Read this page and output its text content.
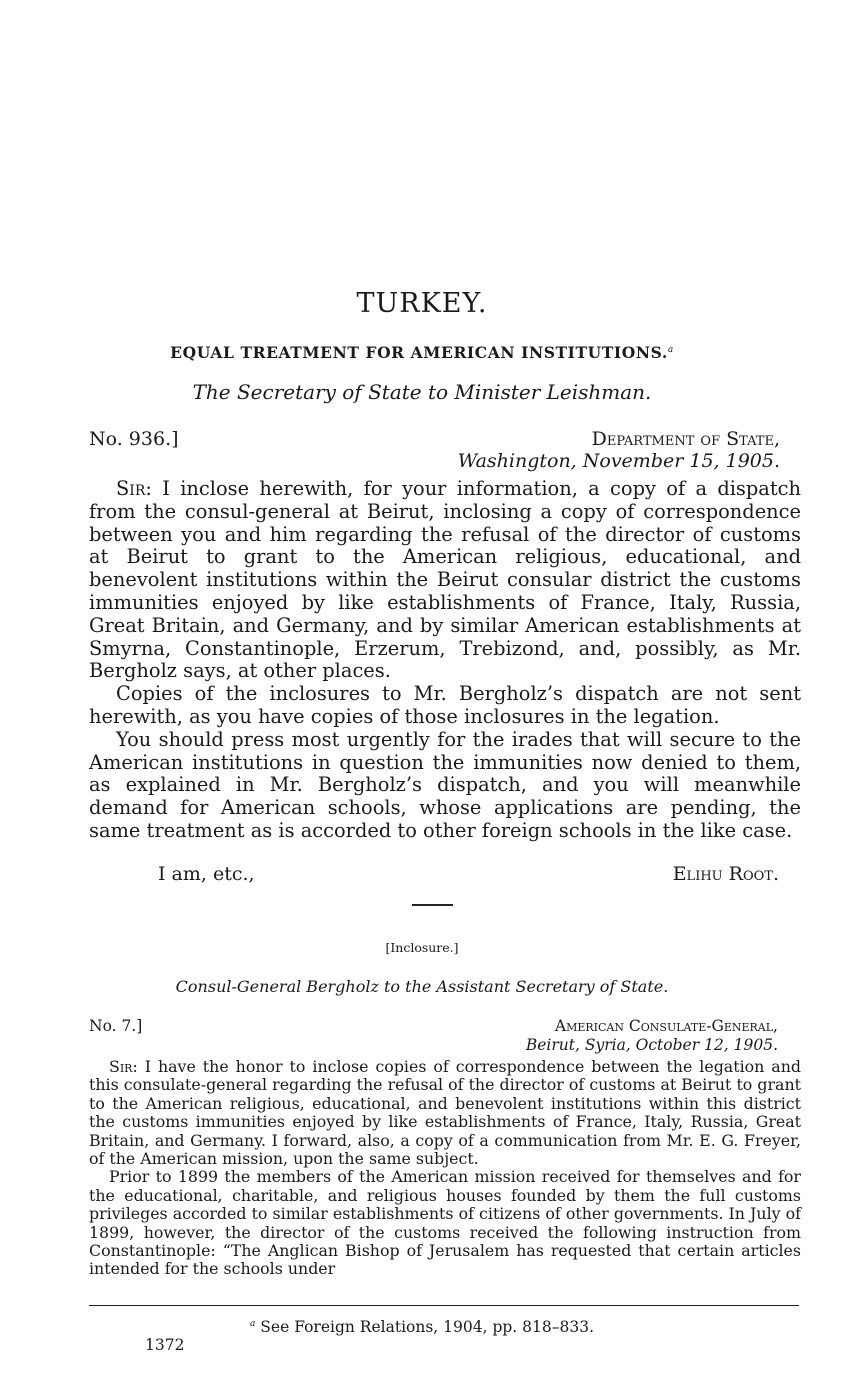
TURKEY.
EQUAL TREATMENT FOR AMERICAN INSTITUTIONS.$^a$
The Secretary of State to Minister Leishman.
No. 936.]	Department of State,
Washington, November 15, 1905.

Sir: I inclose herewith, for your information, a copy of a dispatch from the consul-general at Beirut, inclosing a copy of correspondence between you and him regarding the refusal of the director of customs at Beirut to grant to the American religious, educational, and benevolent institutions within the Beirut consular district the customs immunities enjoyed by like establishments of France, Italy, Russia, Great Britain, and Germany, and by similar American establishments at Smyrna, Constantinople, Erzerum, Trebizond, and, possibly, as Mr. Bergholz says, at other places.

Copies of the inclosures to Mr. Bergholz’s dispatch are not sent herewith, as you have copies of those inclosures in the legation.

You should press most urgently for the irades that will secure to the American institutions in question the immunities now denied to them, as explained in Mr. Bergholz’s dispatch, and you will meanwhile demand for American schools, whose applications are pending, the same treatment as is accorded to other foreign schools in the like case.

I am, etc.,	Elihu Root.
[Inclosure.]
Consul-General Bergholz to the Assistant Secretary of State.
No. 7.]	American Consulate-General,
Beirut, Syria, October 12, 1905.

Sir: I have the honor to inclose copies of correspondence between the legation and this consulate-general regarding the refusal of the director of customs at Beirut to grant to the American religious, educational, and benevolent institutions within this district the customs immunities enjoyed by like establishments of France, Italy, Russia, Great Britain, and Germany. I forward, also, a copy of a communication from Mr. E. G. Freyer, of the American mission, upon the same subject.

Prior to 1899 the members of the American mission received for themselves and for the educational, charitable, and religious houses founded by them the full customs privileges accorded to similar establishments of citizens of other governments. In July of 1899, however, the director of the customs received the following instruction from Constantinople: “The Anglican Bishop of Jerusalem has requested that certain articles intended for the schools under

$^a$ See Foreign Relations, 1904, pp. 818–833.
1372
